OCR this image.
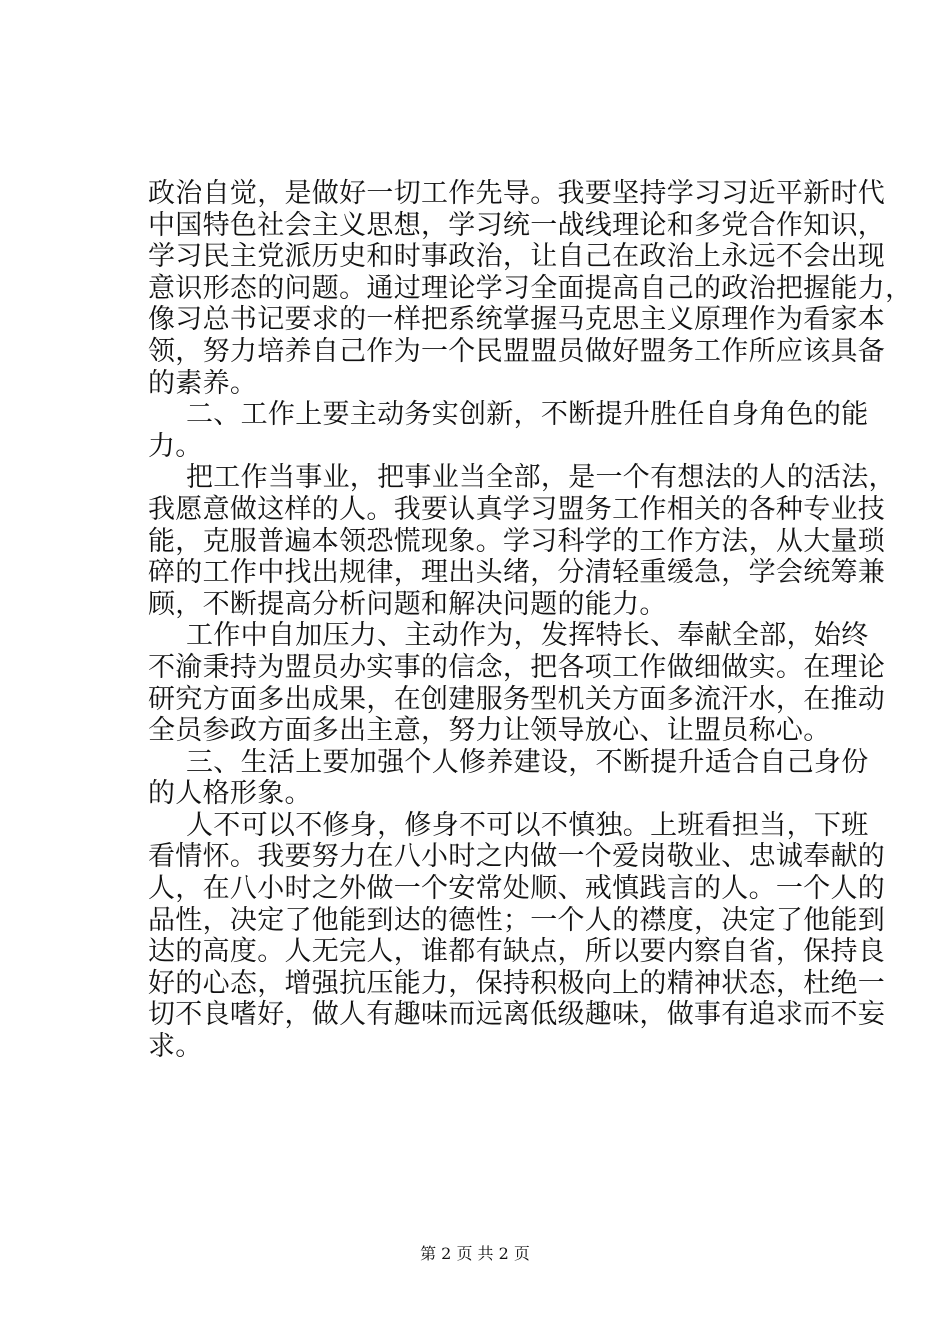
政治自觉，是做好一切工作先导。我要坚持学习习近平新时代
中国特色社会主义思想，学习统一战线理论和多党合作知识，
学习民主党派历史和时事政治，让自己在政治上永远不会出现
意识形态的问题。通过理论学习全面提高自己的政治把握能力，
像习总书记要求的一样把系统掌握马克思主义原理作为看家本
领，努力培养自己作为一个民盟盟员做好盟务工作所应该具备
的素养。
二、工作上要主动务实创新，不断提升胜任自身角色的能
力。
把工作当事业，把事业当全部，是一个有想法的人的活法，
我愿意做这样的人。我要认真学习盟务工作相关的各种专业技
能，克服普遍本领恐慌现象。学习科学的工作方法，从大量琐
碎的工作中找出规律，理出头绪，分清轻重缓急，学会统筹兼
顾，不断提高分析问题和解决问题的能力。
工作中自加压力、主动作为，发挥特长、奉献全部，始终
不渝秉持为盟员办实事的信念，把各项工作做细做实。在理论
研究方面多出成果，在创建服务型机关方面多流汗水，在推动
全员参政方面多出主意，努力让领导放心、让盟员称心。
三、生活上要加强个人修养建设，不断提升适合自己身份
的人格形象。
人不可以不修身，修身不可以不慎独。上班看担当，下班
看情怀。我要努力在八小时之内做一个爱岗敬业、忠诚奉献的
人，在八小时之外做一个安常处顺、戒慎践言的人。一个人的
品性，决定了他能到达的德性；一个人的襟度，决定了他能到
达的高度。人无完人，谁都有缺点，所以要内察自省，保持良
好的心态，增强抗压能力，保持积极向上的精神状态，杜绝一
切不良嗜好，做人有趣味而远离低级趣味，做事有追求而不妄
求。
第 2 页 共 2 页
